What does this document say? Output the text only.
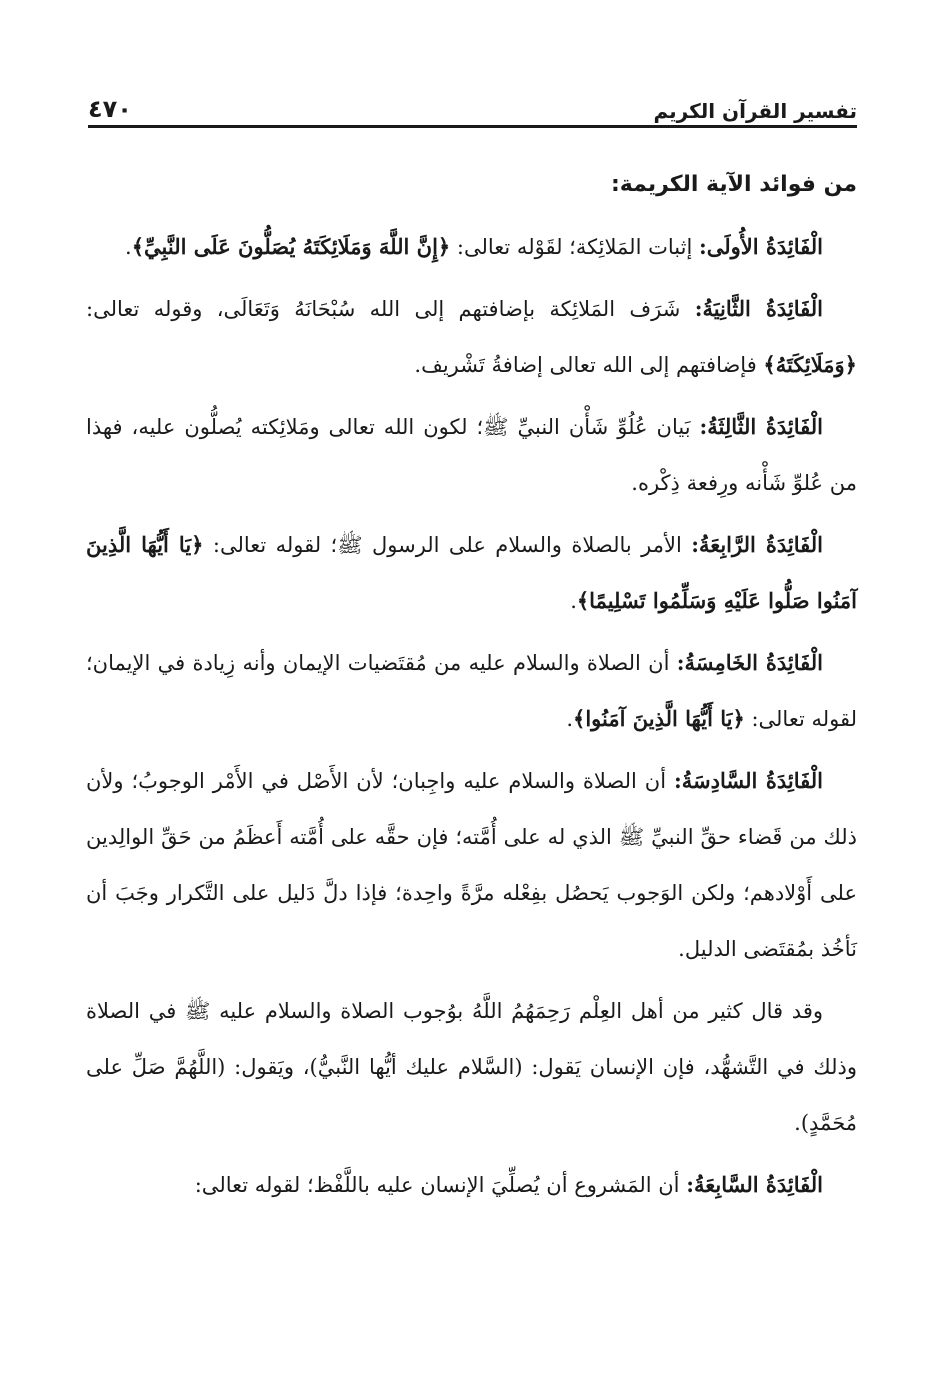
تفسير القرآن الكريم
٤٧٠
من فوائد الآية الكريمة:

الْفَائِدَةُ الأُولَى: إثبات المَلائِكة؛ لقَوْله تعالى: ﴿إِنَّ اللَّهَ وَمَلَائِكَتَهُ يُصَلُّونَ عَلَى النَّبِيِّ﴾.

الْفَائِدَةُ الثَّانِيَةُ: شَرَف المَلائِكة بإضافتهم إلى الله سُبْحَانَهُ وَتَعَالَى، وقوله تعالى: ﴿وَمَلَائِكَتَهُ﴾ فإضافتهم إلى الله تعالى إضافةُ تَشْريف.

الْفَائِدَةُ الثَّالِثَةُ: بَيان عُلُوِّ شَأْن النبيِّ ﷺ؛ لكون الله تعالى ومَلائِكته يُصلُّون عليه، فهذا من عُلوِّ شَأْنه ورِفعة ذِكْره.

الْفَائِدَةُ الرَّابِعَةُ: الأمر بالصلاة والسلام على الرسول ﷺ؛ لقوله تعالى: ﴿يَا أَيُّهَا الَّذِينَ آمَنُوا صَلُّوا عَلَيْهِ وَسَلِّمُوا تَسْلِيمًا﴾.

الْفَائِدَةُ الخَامِسَةُ: أن الصلاة والسلام عليه من مُقتَضيات الإيمان وأنه زِيادة في الإيمان؛ لقوله تعالى: ﴿يَا أَيُّهَا الَّذِينَ آمَنُوا﴾.

الْفَائِدَةُ السَّادِسَةُ: أن الصلاة والسلام عليه واجِبان؛ لأن الأَصْل في الأَمْر الوجوبُ؛ ولأن ذلك من قَضاء حقِّ النبيِّ ﷺ الذي له على أُمَّته؛ فإن حقَّه على أُمَّته أَعظَمُ من حَقِّ الوالِدين على أَوْلادهم؛ ولكن الوَجوب يَحصُل بفِعْله مرَّةً واحِدة؛ فإذا دلَّ دَليل على التَّكرار وجَبَ أن نَأخُذ بمُقتَضى الدليل.

وقد قال كثير من أهل العِلْم رَحِمَهُمُ اللَّهُ بوُجوب الصلاة والسلام عليه ﷺ في الصلاة وذلك في التَّشهُّد، فإن الإنسان يَقول: (السَّلام عليك أيُّها النَّبيُّ)، ويَقول: (اللَّهُمَّ صَلِّ على مُحَمَّدٍ).

الْفَائِدَةُ السَّابِعَةُ: أن المَشروع أن يُصلِّيَ الإنسان عليه باللَّفْظ؛ لقوله تعالى:
